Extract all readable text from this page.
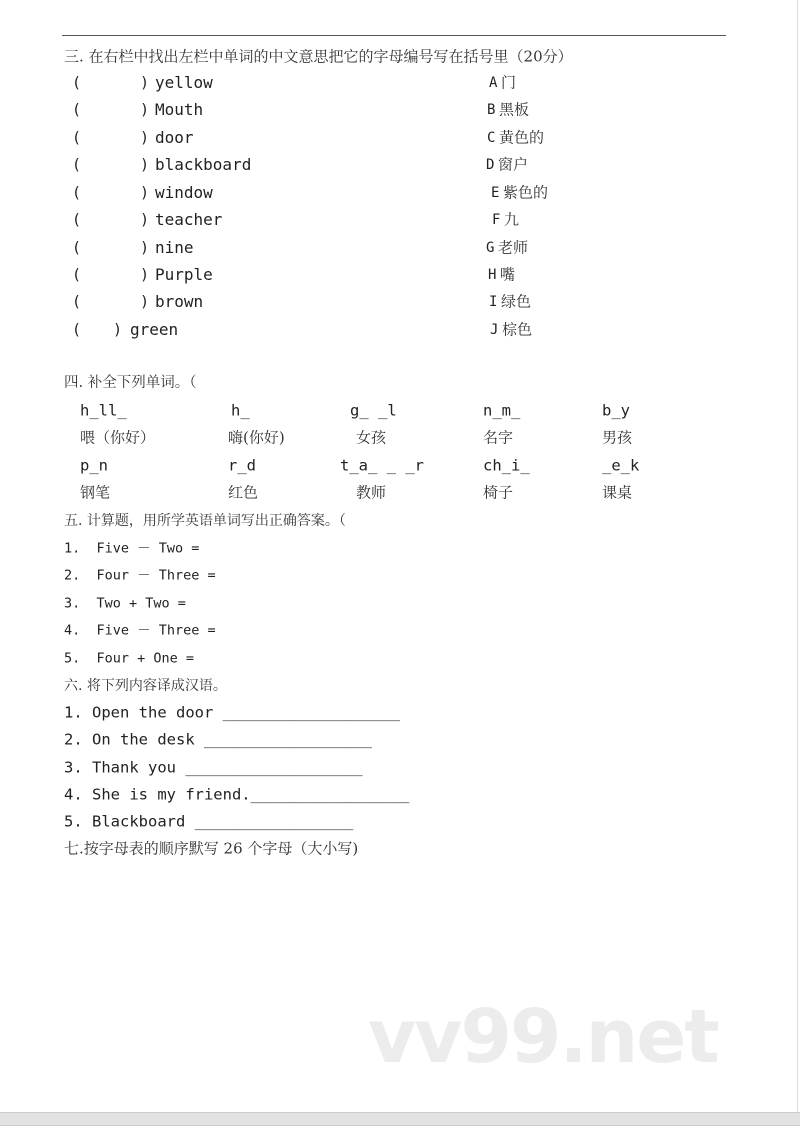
三. 在右栏中找出左栏中单词的中文意思把它的字母编号写在括号里（20分）
(	) yellow	A 门
(	) Mouth	B 黑板
(	) door	C 黄色的
(	) blackboard	D 窗户
(	) window	E 紫色的
(	) teacher	F 九
(	) nine	G 老师
(	) Purple	H 嘴
(	) brown	I 绿色
( ) green	J 棕色
四. 补全下列单词。（
h_ll_	h_	g_ _l	n_m_	b_y
喂（你好）	嗨(你好)	女孩	名字	男孩
p_n	r_d	t_a_ _ _r	ch_i_	_e_k
钢笔	红色	教师	椅子	课桌
五. 计算题，用所学英语单词写出正确答案。（
1.  Five － Two =
2.  Four － Three =
3.  Two + Two =
4.  Five － Three =
5.  Four + One =
六. 将下列内容译成汉语。
1. Open the door ___________________
2. On the desk __________________
3. Thank you ___________________
4. She is my friend._________________
5. Blackboard _________________
七.按字母表的顺序默写 26 个字母（大小写)
vv99.net
